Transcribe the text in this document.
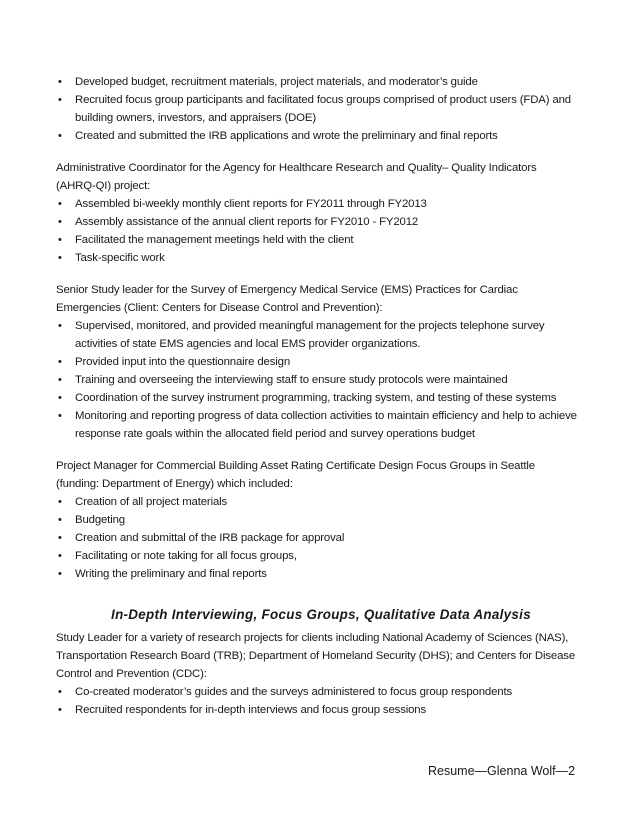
• Developed budget, recruitment materials, project materials, and moderator’s guide
• Recruited focus group participants and facilitated focus groups comprised of product users (FDA) and building owners, investors, and appraisers (DOE)
• Created and submitted the IRB applications and wrote the preliminary and final reports
Administrative Coordinator for the Agency for Healthcare Research and Quality– Quality Indicators
(AHRQ-QI) project:
• Assembled bi-weekly monthly client reports for FY2011 through FY2013
• Assembly assistance of the annual client reports for FY2010 - FY2012
• Facilitated the management meetings held with the client
• Task-specific work
Senior Study leader for the Survey of Emergency Medical Service (EMS) Practices for Cardiac
Emergencies (Client: Centers for Disease Control and Prevention):
• Supervised, monitored, and provided meaningful management for the projects telephone survey activities of state EMS agencies and local EMS provider organizations.
• Provided input into the questionnaire design
• Training and overseeing the interviewing staff to ensure study protocols were maintained
• Coordination of the survey instrument programming, tracking system, and testing of these systems
• Monitoring and reporting progress of data collection activities to maintain efficiency and help to achieve response rate goals within the allocated field period and survey operations budget
Project Manager for Commercial Building Asset Rating Certificate Design Focus Groups in Seattle
(funding: Department of Energy) which included:
• Creation of all project materials
• Budgeting
• Creation and submittal of the IRB package for approval
• Facilitating or note taking for all focus groups,
• Writing the preliminary and final reports
In-Depth Interviewing, Focus Groups, Qualitative Data Analysis
Study Leader for a variety of research projects for clients including National Academy of Sciences (NAS),
Transportation Research Board (TRB); Department of Homeland Security (DHS); and Centers for Disease
Control and Prevention (CDC):
• Co-created moderator’s guides and the surveys administered to focus group respondents
• Recruited respondents for in-depth interviews and focus group sessions
Resume—Glenna Wolf—2
